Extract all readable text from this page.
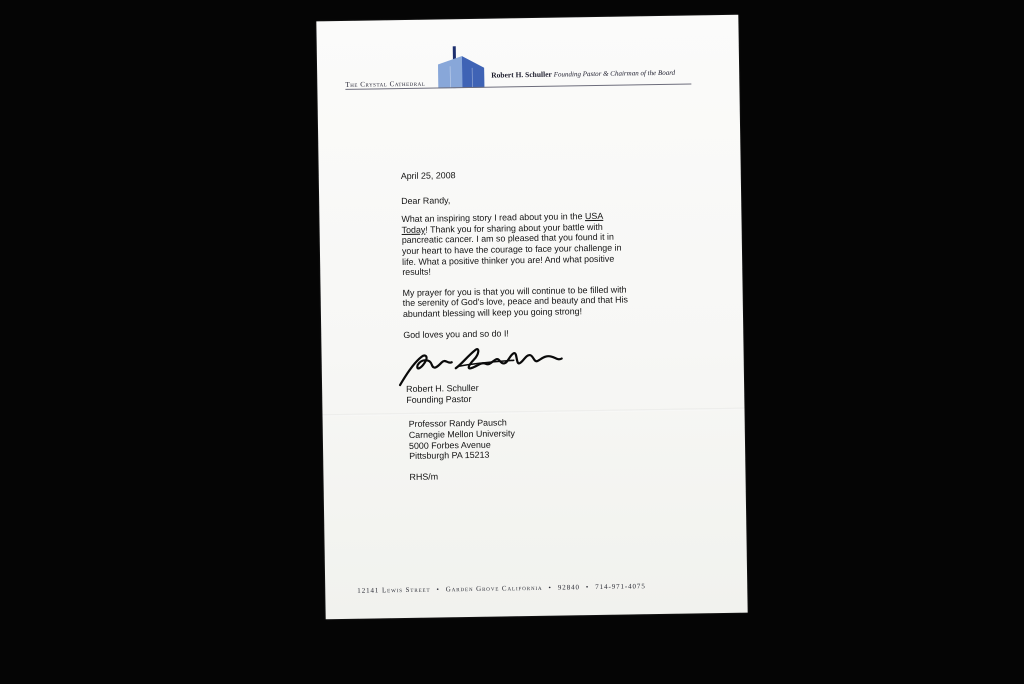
The Crystal Cathedral
Robert H. Schuller Founding Pastor & Chairman of the Board

April 25, 2008

Dear Randy,

What an inspiring story I read about you in the USA
Today! Thank you for sharing about your battle with
pancreatic cancer. I am so pleased that you found it in
your heart to have the courage to face your challenge in
life. What a positive thinker you are! And what positive
results!

My prayer for you is that you will continue to be filled with
the serenity of God's love, peace and beauty and that His
abundant blessing will keep you going strong!

God loves you and so do I!

Robert H. Schuller
Founding Pastor
Professor Randy Pausch
Carnegie Mellon University
5000 Forbes Avenue
Pittsburgh PA 15213
RHS/m
12141 Lewis Street • Garden Grove California • 92840 • 714-971-4075
